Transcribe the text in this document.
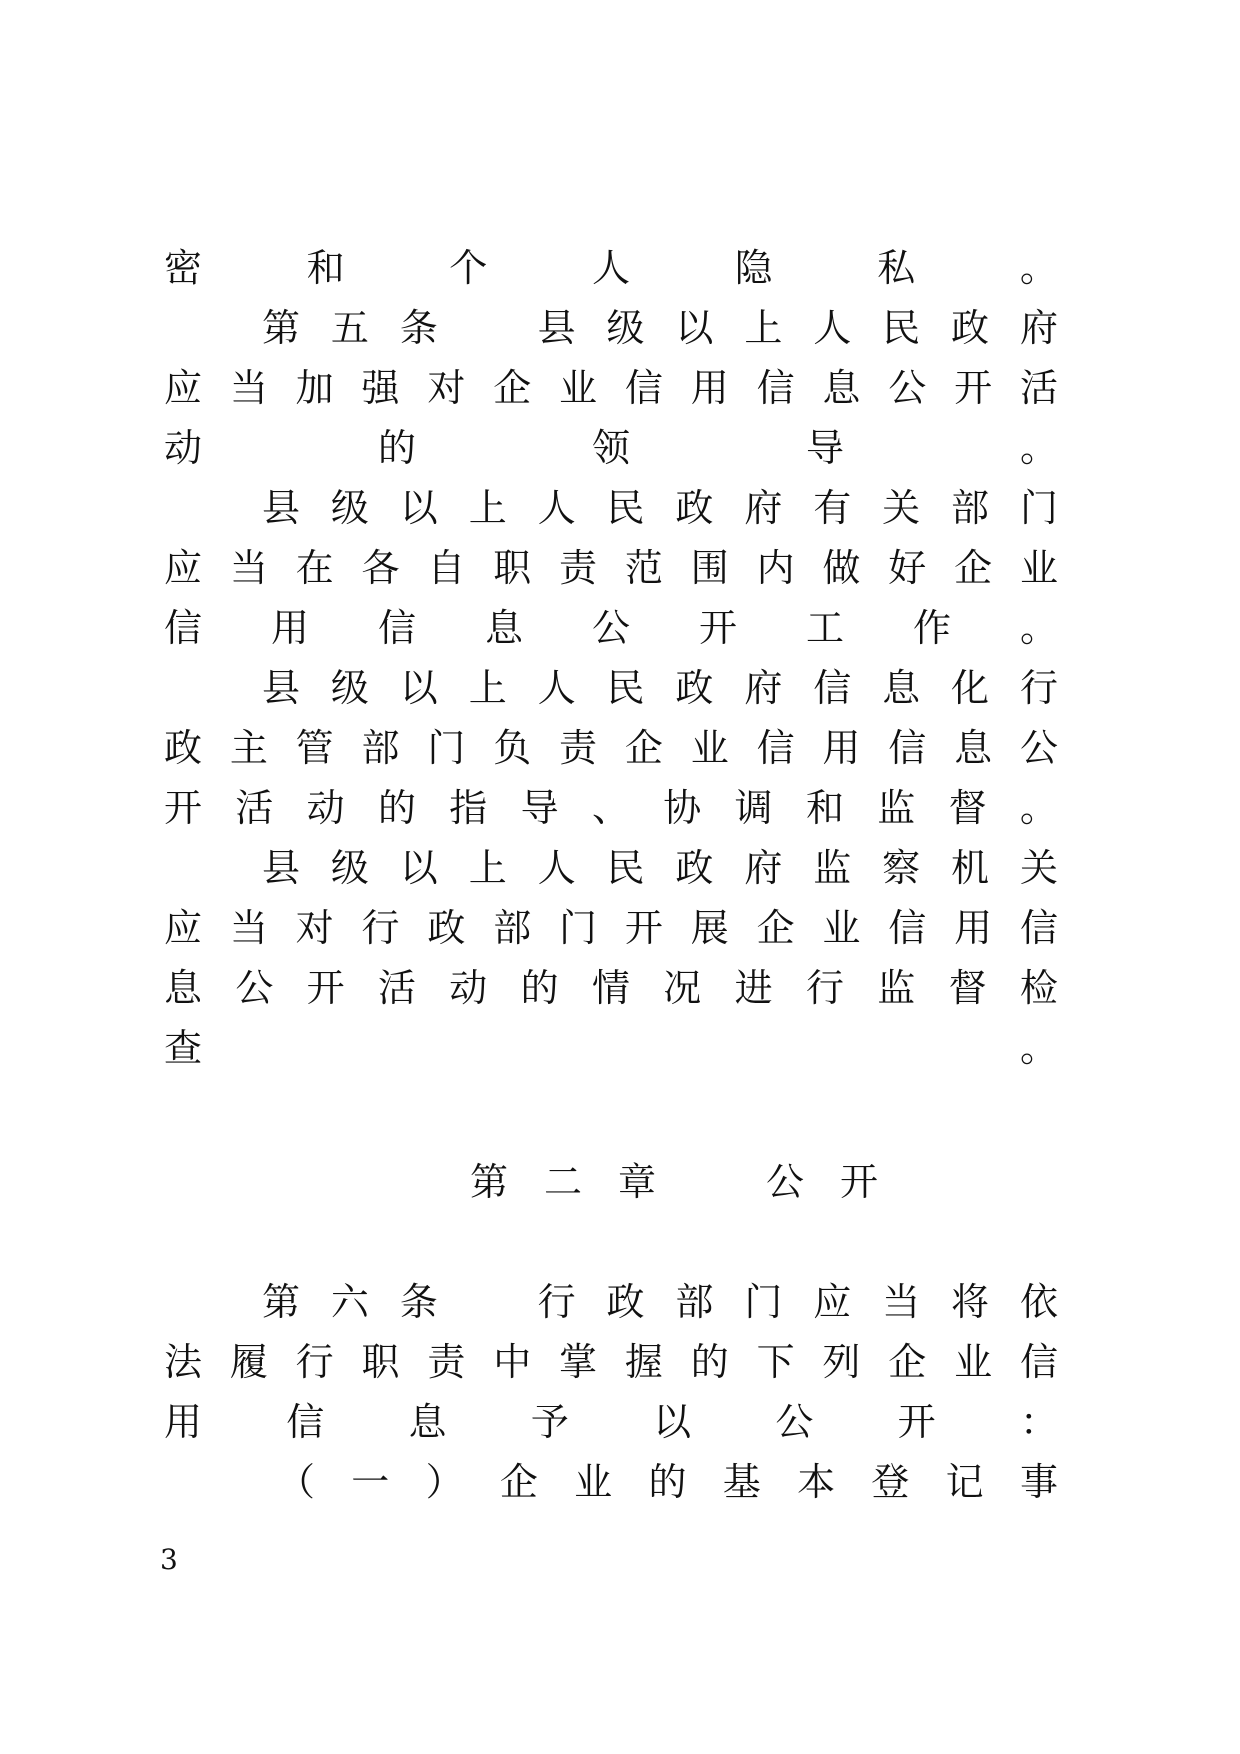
密	和	个	人	隐	私	。
第 五 条
　	县 级 以 上 人 民 政 府
应 当 加 强 对 企 业 信 用 信 息 公 开 活
动	的	领	导	。
县 级 以 上 人 民 政 府 有 关 部 门
应 当 在 各 自 职 责 范 围 内 做 好 企 业
信 用 信 息 公 开 工 作 。
县 级 以 上 人 民 政 府 信 息 化 行
政 主 管 部 门 负 责 企 业 信 用 信 息 公
开 活 动 的 指 导 、 协 调 和 监 督 。
县 级 以 上 人 民 政 府 监 察 机 关
应 当 对 行 政 部 门 开 展 企 业 信 用 信
息 公 开 活 动 的 情 况 进 行 监 督 检
查	。
第二章　公开
第 六 条
　	行 政 部 门 应 当 将 依
法 履 行 职 责 中 掌 握 的 下 列 企 业 信
用 信 息 予 以 公 开 ：
（ 一 ） 企 业 的 基 本 登 记 事
3
